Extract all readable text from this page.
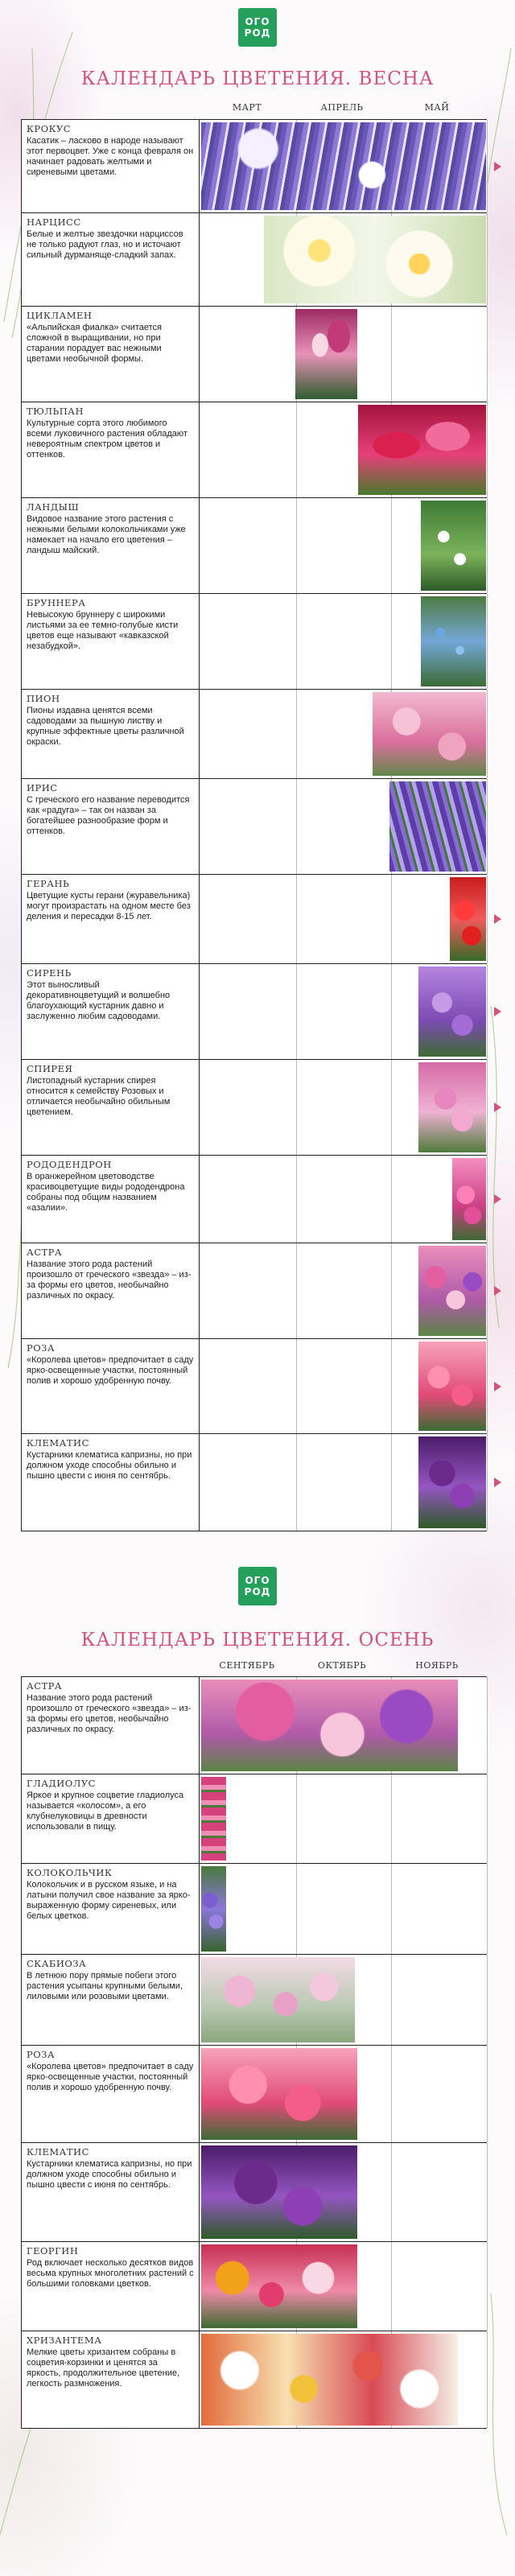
ОГО
РОД
КАЛЕНДАРЬ ЦВЕТЕНИЯ. ВЕСНА
МАРТ	АПРЕЛЬ	МАЙ
КРОКУС
Касатик – ласково в народе называют этот первоцвет. Уже с конца февраля он начинает радовать желтыми и сиреневыми цветами.
НАРЦИСС
Белые и желтые звездочки нарциссов не только радуют глаз, но и источают сильный дурманяще-сладкий запах.
ЦИКЛАМЕН
«Альпийская фиалка» считается сложной в выращивании, но при старании порадует вас нежными цветами необычной формы.
ТЮЛЬПАН
Культурные сорта этого любимого всеми луковичного растения обладают невероятным спектром цветов и оттенков.
ЛАНДЫШ
Видовое название этого растения с нежными белыми колокольчиками уже намекает на начало его цветения – ландыш майский.
БРУННЕРА
Невысокую бруннеру с широкими листьями за ее темно-голубые кисти цветов еще называют «кавказской незабудкой».
ПИОН
Пионы издавна ценятся всеми садоводами за пышную листву и крупные эффектные цветы различной окраски.
ИРИС
С греческого его название переводится как «радуга» – так он назван за богатейшее разнообразие форм и оттенков.
ГЕРАНЬ
Цветущие кусты герани (журавельника) могут произрастать на одном месте без деления и пересадки 8-15 лет.
СИРЕНЬ
Этот выносливый декоративноцветущий и волшебно благоухающий кустарник давно и заслуженно любим садоводами.
СПИРЕЯ
Листопадный кустарник спирея относится к семейству Розовых и отличается необычайно обильным цветением.
РОДОДЕНДРОН
В оранжерейном цветоводстве красивоцветущие виды рододендрона собраны под общим названием «азалии».
АСТРА
Название этого рода растений произошло от греческого «звезда» – из-за формы его цветов, необычайно различных по окрасу.
РОЗА
«Королева цветов» предпочитает в саду ярко-освещенные участки, постоянный полив и хорошо удобренную почву.
КЛЕМАТИС
Кустарники клематиса капризны, но при должном уходе способны обильно и пышно цвести с июня по сентябрь.
ОГО
РОД
КАЛЕНДАРЬ ЦВЕТЕНИЯ. ОСЕНЬ
СЕНТЯБРЬ	ОКТЯБРЬ	НОЯБРЬ
АСТРА
Название этого рода растений произошло от греческого «звезда» – из-за формы его цветов, необычайно различных по окрасу.
ГЛАДИОЛУС
Яркое и крупное соцветие гладиолуса называется «колосом», а его клубнелуковицы в древности использовали в пищу.
КОЛОКОЛЬЧИК
Колокольчик и в русском языке, и на латыни получил свое название за ярко-выраженную форму сиреневых, или белых цветков.
СКАБИОЗА
В летнюю пору прямые побеги этого растения усыпаны крупными белыми, лиловыми или розовыми цветами.
РОЗА
«Королева цветов» предпочитает в саду ярко-освещенные участки, постоянный полив и хорошо удобренную почву.
КЛЕМАТИС
Кустарники клематиса капризны, но при должном уходе способны обильно и пышно цвести с июня по сентябрь.
ГЕОРГИН
Род включает несколько десятков видов весьма крупных многолетних растений с большими головками цветков.
ХРИЗАНТЕМА
Мелкие цветы хризантем собраны в соцветия-корзинки и ценятся за яркость, продолжительное цветение, легкость размножения.
